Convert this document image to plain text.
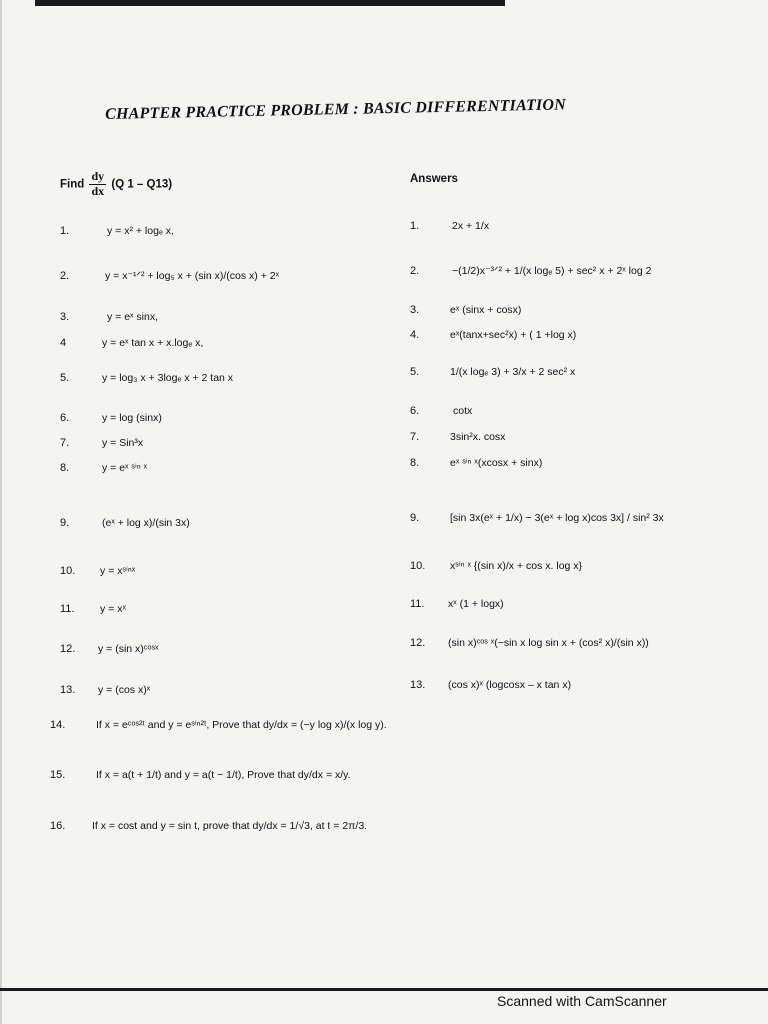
CHAPTER PRACTICE PROBLEM : BASIC DIFFERENTIATION
Find $\frac{dy}{dx} (Q$ 1 – Q13)	Answers
1.	y = x² + logₑ x,
2.	y = x⁻¹ᐟ² + log₅ x + (sin x)/(cos x) + 2ˣ
3.	y = eˣ sinx,
4	y = eˣ tan x + x.logₑ x,
5.	y = log₃ x + 3logₑ x + 2 tan x
6.	y = log (sinx)
7.	y = Sin³x
8.	y = eˣ ˢⁱⁿ ˣ
9.	(eˣ + log x)/(sin 3x)
10. y = xˢⁱⁿˣ
11. y = xˣ
12. y = (sin x)ᶜᵒˢˣ
13. y = (cos x)ˣ
14.	If x = eᶜᵒˢ²ᵗ and y = eˢⁱⁿ²ᵗ, Prove that dy/dx = (−y log x)/(x log y).
15.	If x = a(t + 1/t) and y = a(t − 1/t), Prove that dy/dx = x/y.
16.	If x = cost and y = sin t, prove that dy/dx = 1/√3, at t = 2π/3.
1.	2x + 1/x
2.	−(1/2)x⁻³ᐟ² + 1/(x logₑ 5) + sec² x + 2ˣ log 2
3.	eˣ (sinx + cosx)
4.	eˣ(tanx+sec²x) + ( 1 +log x)
5.	1/(x logₑ 3) + 3/x + 2 sec² x
6.	cotx
7.	3sin²x. cosx
8.	eˣ ˢⁱⁿ ˣ(xcosx + sinx)
9.	[sin 3x(eˣ + 1/x) − 3(eˣ + log x)cos 3x] / sin² 3x
10. xˢⁱⁿ ˣ {(sin x)/x + cos x. log x}
11. xˣ (1 + logx)
12. (sin x)ᶜᵒˢ ˣ(−sin x log sin x + (cos² x)/(sin x))
13. (cos x)ˣ (logcosx – x tan x)
Scanned with CamScanner
